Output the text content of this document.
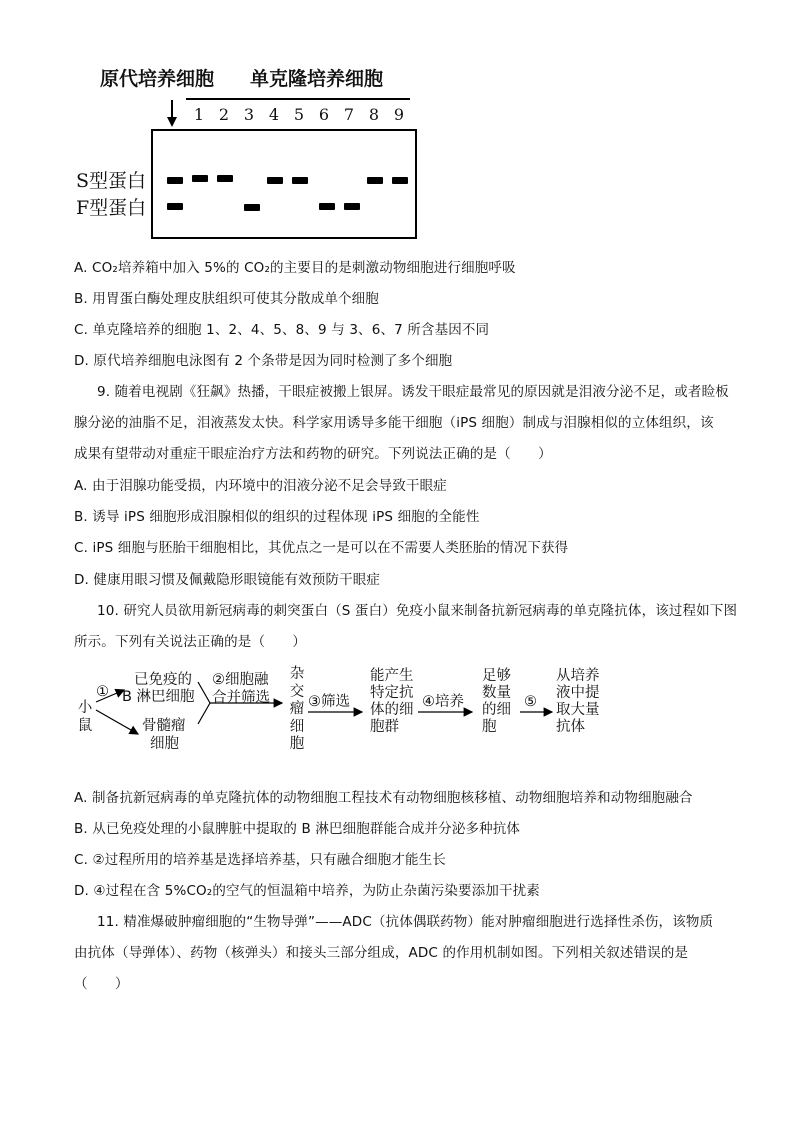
原代培养细胞 单克隆培养细胞
1 2 3 4 5 6 7 8 9
S型蛋白
F型蛋白
A. CO₂培养箱中加入 5%的 CO₂的主要目的是刺激动物细胞进行细胞呼吸
B. 用胃蛋白酶处理皮肤组织可使其分散成单个细胞
C. 单克隆培养的细胞 1、2、4、5、8、9 与 3、6、7 所含基因不同
D. 原代培养细胞电泳图有 2 个条带是因为同时检测了多个细胞
9. 随着电视剧《狂飙》热播，干眼症被搬上银屏。诱发干眼症最常见的原因就是泪液分泌不足，或者睑板
腺分泌的油脂不足，泪液蒸发太快。科学家用诱导多能干细胞（iPS 细胞）制成与泪腺相似的立体组织，该
成果有望带动对重症干眼症治疗方法和药物的研究。下列说法正确的是（　　）
A. 由于泪腺功能受损，内环境中的泪液分泌不足会导致干眼症
B. 诱导 iPS 细胞形成泪腺相似的组织的过程体现 iPS 细胞的全能性
C. iPS 细胞与胚胎干细胞相比，其优点之一是可以在不需要人类胚胎的情况下获得
D. 健康用眼习惯及佩戴隐形眼镜能有效预防干眼症
10. 研究人员欲用新冠病毒的刺突蛋白（S 蛋白）免疫小鼠来制备抗新冠病毒的单克隆抗体，该过程如下图
所示。下列有关说法正确的是（　　）
小
鼠
①
已免疫的
B 淋巴细胞
骨髓瘤
细胞
②细胞融
合并筛选
杂
交
瘤
细
胞
③筛选
能产生
特定抗
体的细
胞群
④培养
足够
数量
的细
胞
⑤
从培养
液中提
取大量
抗体
A. 制备抗新冠病毒的单克隆抗体的动物细胞工程技术有动物细胞核移植、动物细胞培养和动物细胞融合
B. 从已免疫处理的小鼠脾脏中提取的 B 淋巴细胞群能合成并分泌多种抗体
C. ②过程所用的培养基是选择培养基，只有融合细胞才能生长
D. ④过程在含 5%CO₂的空气的恒温箱中培养，为防止杂菌污染要添加干扰素
11. 精准爆破肿瘤细胞的“生物导弹”——ADC（抗体偶联药物）能对肿瘤细胞进行选择性杀伤，该物质
由抗体（导弹体）、药物（核弹头）和接头三部分组成，ADC 的作用机制如图。下列相关叙述错误的是
（　　）
